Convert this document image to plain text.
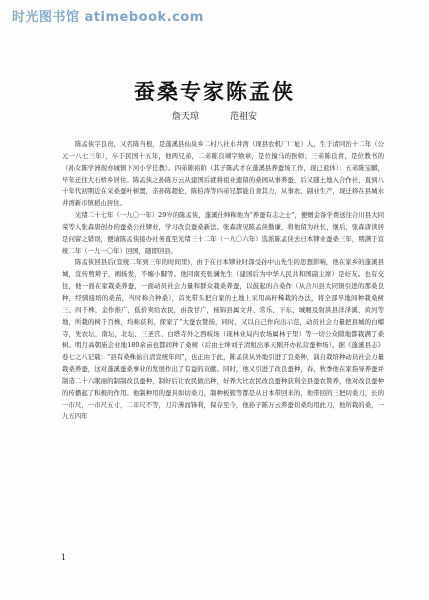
时光图书馆 atimebook.com
蚕桑专家陈孟侠
詹天琼	范祖安

陈孟侠字良贵，又名陈当根，是蓬溪县仙泉乡二村八社水井湾（现县农机厂厂址）人，生于清同治十二年（公元一八七三年），卒于民国十五年，他两兄弟，二弟陈良瑚字焕章，是位撞马的医师；三弟陈良青，是位教书的（孙女陈学洲现亦城镇下河小学任教）。四弟陈裕阶（其子陈武才在蓬溪县养蚕场工作，现已退休）：五弟陈宝麒，早年迁往大石桥乡居住。陈孟侠之孙陈万云从建国后就将祖业遗留的桑园从事养蚕，后又随土地入合作社，直到八十年代初期近在采桑蚕叶树置，亲孙陈超伦，陈伯涛等四弟兄都能自食其力，从事农、副业生产，现迁移在县城水井湾新市镇稻山居住。

光绪二十七年（一九〇一年）29岁的陈孟侠，蓬溪仕绅称他为“养蚕有志之士”，便赠金备学费送往合川县大同荣等人张森唐创办的蚕桑公社肄业，学习改良蚕桑新法。张森唐见陈孟侠勤谦，将他留为社长，继后，张森唐读居是问留之错误，便请陈孟侠接办社务直至光绪三十二年（一九〇六年）选派陈孟侠去日本肄业蚕桑三年，期满于宣统二年（一九一〇年）回国，随即回县。

陈孟侠回县后(宣统二年到三年的时间里)，由于在日本肄业时深受孙中山先生的思想影响，他在家乡的蓬溪县城，宣传剪辫子，阐扬发，不缠小脚等。他同南充张澜先生（建国后为中华人民共和国副主席）是好友。也有交往，他一面在家栽桑养蚕，一面动员社会力量和群众栽桑养蚕，以鼓起的合桑作（从合川县大同镇引进的那桑良种，经驯接培的桑苗，当时称合种桑），首先带头把自家的土地上采用高秆稀栽的办法，将全部早地间种栽桑树三、四千株，金作推广，低价卖给农民，由我甘广，杨锦县属文井、常乐、下东、城厢及射洪县洋泽溪、黄河等地，所栽的树千百株，均称获利，探家了“大蚕农赞扬，同时，又以自己作向出示范，动员社会力量把县城的白榴寺，先农坛，南坛，北坛、三圣宫、白塔寺外之西岐场（现林业局内农场属林子里）等一切公众隙地都栽满了桑树。明月高朝庙会业地180余亩也都间种了桑树（后由士绅刘子清租出承天刚开办私营蚕种场）。据《蓬溪县志》卷七之八记载：“县有桑株始自清宣统年间”，也正由于此，陈孟侠从外地引进了良桑种，演自栽培种动员社会力量栽桑养蚕，这对蓬溪蚕桑事业的发展作出了有益的贡献。同时，他又引进了改良蚕种，春、秋季他在家指导养蚕并制造二十六眠丽的制制改良蚕种，制好后让农民做出种，好养大比农民改良蚕种获利全县蚕农赞养，他对改良蚕种的传播起了积极的作用。他制种用的蚕具如切桑刀，制种板簇等都是从日本带回来的，他带回的三把切桑刀，长的一市尺，一市尺五寸，二市尺不等，刀片薄而锋利，保存至今，他孙子陈万云养蚕切桑均用此刀，他所栽的桑，一九五四年

1
